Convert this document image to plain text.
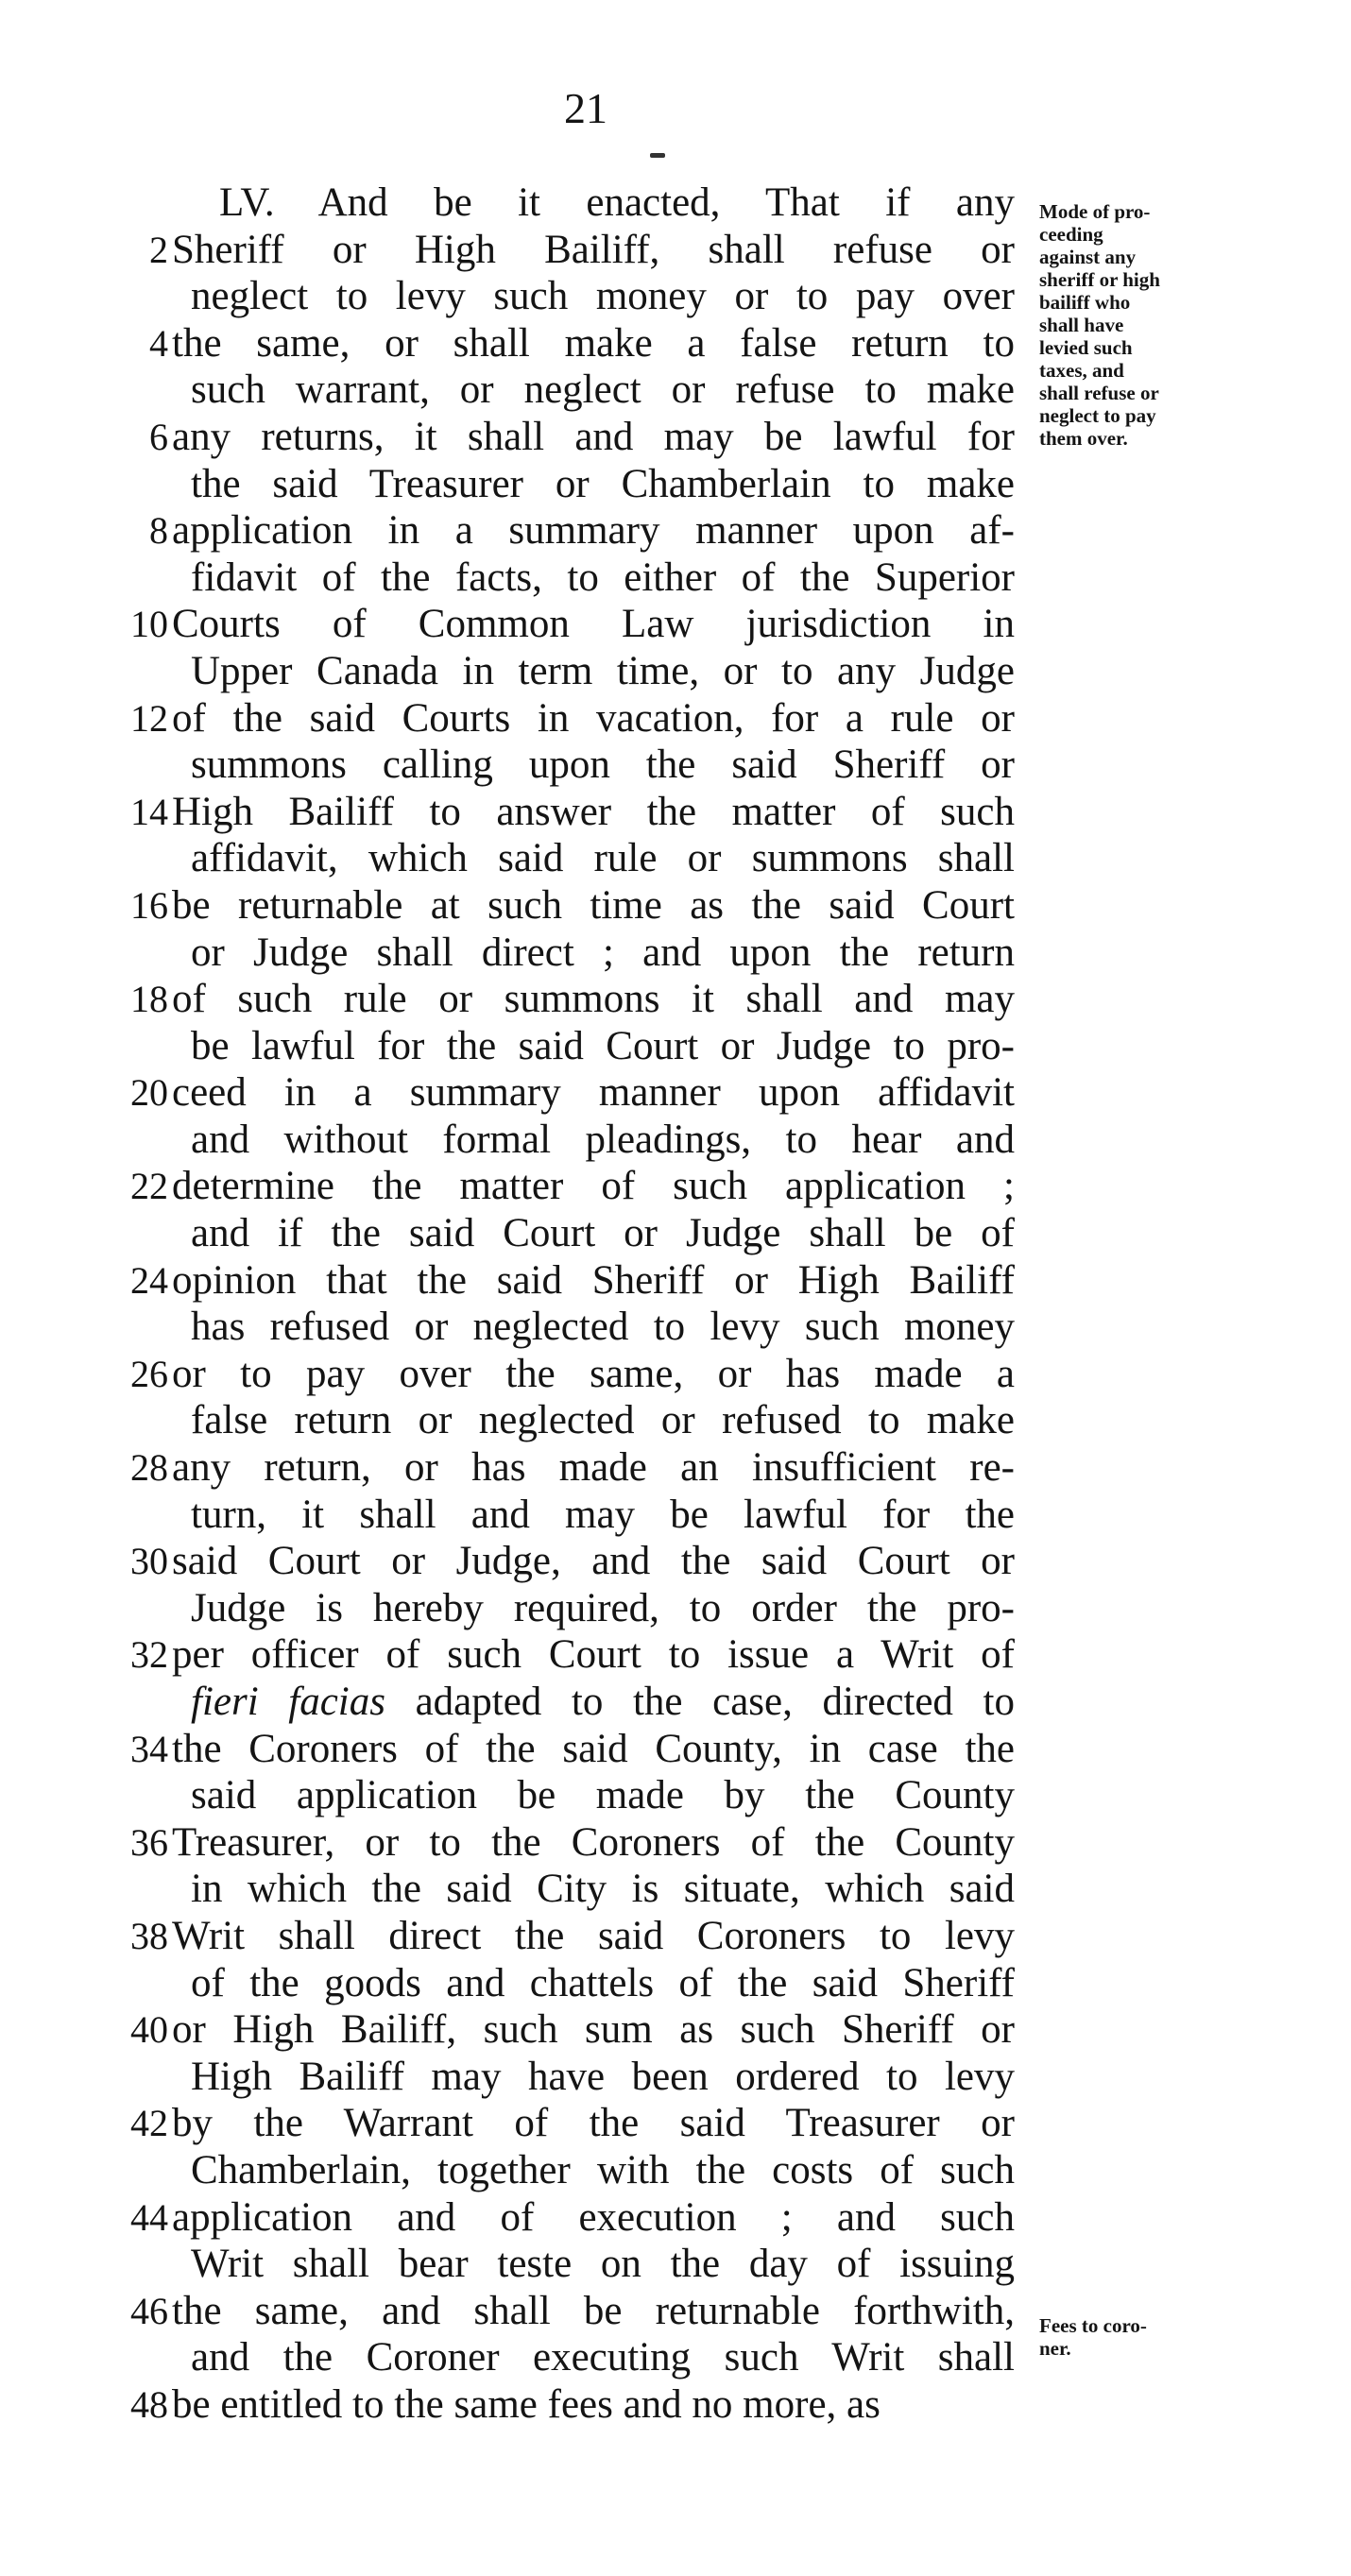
21
LV. And be it enacted, That if any
2 Sheriff or High Bailiff, shall refuse or
neglect to levy such money or to pay over
4 the same, or shall make a false return to
such warrant, or neglect or refuse to make
6 any returns, it shall and may be lawful for
the said Treasurer or Chamberlain to make
8 application in a summary manner upon af-
fidavit of the facts, to either of the Superior
10 Courts of Common Law jurisdiction in
Upper Canada in term time, or to any Judge
12 of the said Courts in vacation, for a rule or
summons calling upon the said Sheriff or
14 High Bailiff to answer the matter of such
affidavit, which said rule or summons shall
16 be returnable at such time as the said Court
or Judge shall direct ; and upon the return
18 of such rule or summons it shall and may
be lawful for the said Court or Judge to pro-
20 ceed in a summary manner upon affidavit
and without formal pleadings, to hear and
22 determine the matter of such application ;
and if the said Court or Judge shall be of
24 opinion that the said Sheriff or High Bailiff
has refused or neglected to levy such money
26 or to pay over the same, or has made a
false return or neglected or refused to make
28 any return, or has made an insufficient re-
turn, it shall and may be lawful for the
30 said Court or Judge, and the said Court or
Judge is hereby required, to order the pro-
32 per officer of such Court to issue a Writ of
fieri facias adapted to the case, directed to
34 the Coroners of the said County, in case the
said application be made by the County
36 Treasurer, or to the Coroners of the County
in which the said City is situate, which said
38 Writ shall direct the said Coroners to levy
of the goods and chattels of the said Sheriff
40 or High Bailiff, such sum as such Sheriff or
High Bailiff may have been ordered to levy
42 by the Warrant of the said Treasurer or
Chamberlain, together with the costs of such
44 application and of execution ; and such
Writ shall bear teste on the day of issuing
46 the same, and shall be returnable forthwith,
and the Coroner executing such Writ shall
48 be entitled to the same fees and no more, as
Mode of pro-
ceeding
against any
sheriff or high
bailiff who
shall have
levied such
taxes, and
shall refuse or
neglect to pay
them over.
Fees to coro-
ner.
